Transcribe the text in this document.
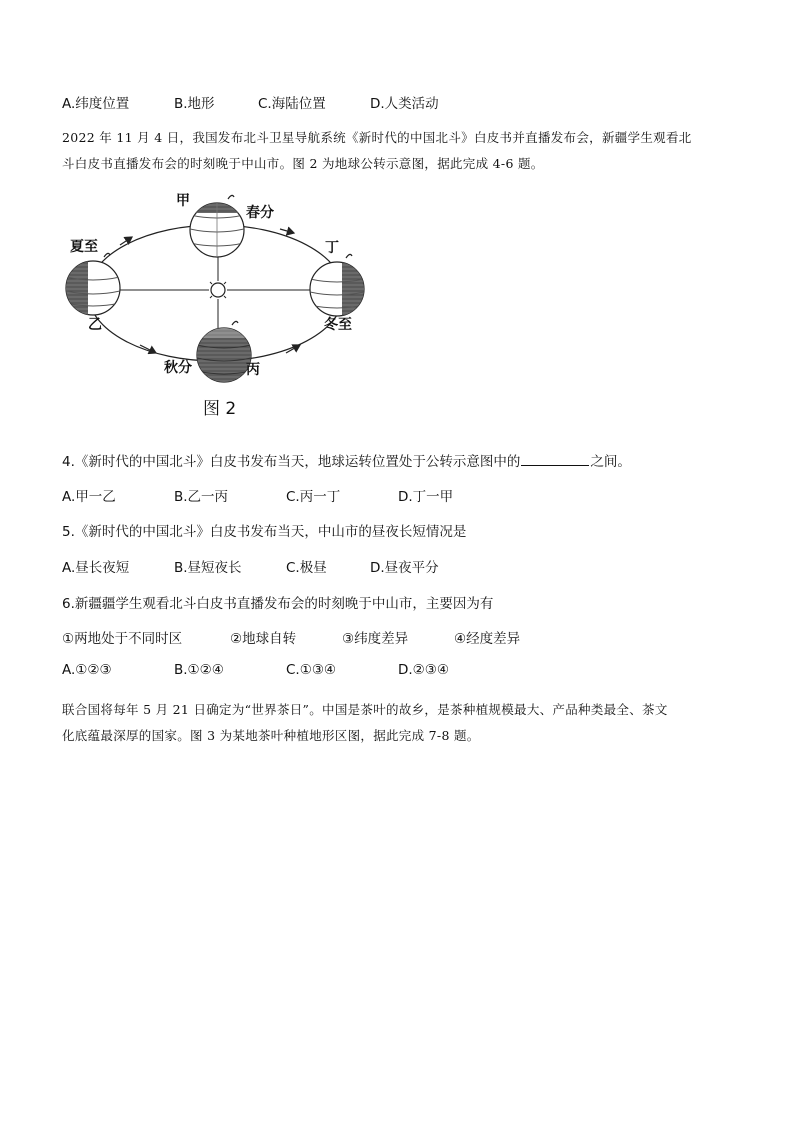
A.纬度位置	B.地形	C.海陆位置	D.人类活动
2022 年 11 月 4 日，我国发布北斗卫星导航系统《新时代的中国北斗》白皮书并直播发布会，新疆学生观看北
斗白皮书直播发布会的时刻晚于中山市。图 2 为地球公转示意图，据此完成 4-6 题。
甲
春分
丁
夏至
乙	冬至
秋分	丙
图 2
4.《新时代的中国北斗》白皮书发布当天，地球运转位置处于公转示意图中的	之间。
A.甲一乙	B.乙一丙	C.丙一丁	D.丁一甲
5.《新时代的中国北斗》白皮书发布当天，中山市的昼夜长短情况是
A.昼长夜短	B.昼短夜长	C.极昼	D.昼夜平分
6.新疆疆学生观看北斗白皮书直播发布会的时刻晚于中山市，主要因为有
①两地处于不同时区	②地球自转	③纬度差异	④经度差异
A.①②③	B.①②④	C.①③④	D.②③④
联合国将每年 5 月 21 日确定为“世界茶日”。中国是茶叶的故乡，是茶种植规模最大、产品种类最全、茶文
化底蕴最深厚的国家。图 3 为某地茶叶种植地形区图，据此完成 7-8 题。
